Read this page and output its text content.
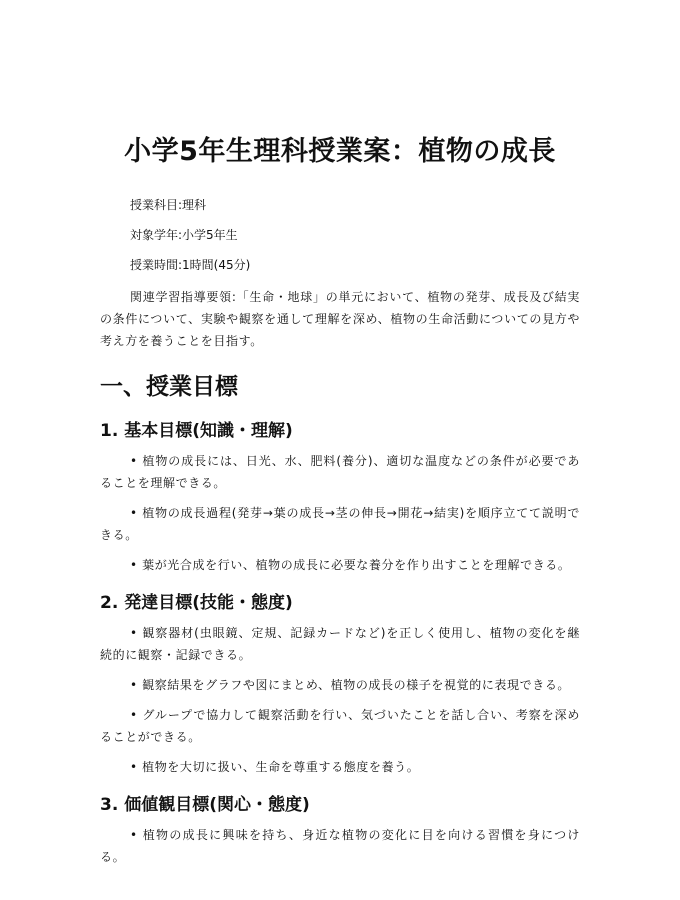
小学5年生理科授業案：植物の成長

授業科目:理科

対象学年:小学5年生

授業時間:1時間(45分)

関連学習指導要領:「生命・地球」の単元において、植物の発芽、成長及び結実の条件について、実験や観察を通して理解を深め、植物の生命活動についての見方や考え方を養うことを目指す。

一、授業目標
1. 基本目標(知識・理解)
• 植物の成長には、日光、水、肥料(養分)、適切な温度などの条件が必要であることを理解できる。
• 植物の成長過程(発芽→葉の成長→茎の伸長→開花→結実)を順序立てて説明できる。
• 葉が光合成を行い、植物の成長に必要な養分を作り出すことを理解できる。
2. 発達目標(技能・態度)
• 観察器材(虫眼鏡、定規、記録カードなど)を正しく使用し、植物の変化を継続的に観察・記録できる。
• 観察結果をグラフや図にまとめ、植物の成長の様子を視覚的に表現できる。
• グループで協力して観察活動を行い、気づいたことを話し合い、考察を深めることができる。
• 植物を大切に扱い、生命を尊重する態度を養う。
3. 価値観目標(関心・態度)
• 植物の成長に興味を持ち、身近な植物の変化に目を向ける習慣を身につける。
